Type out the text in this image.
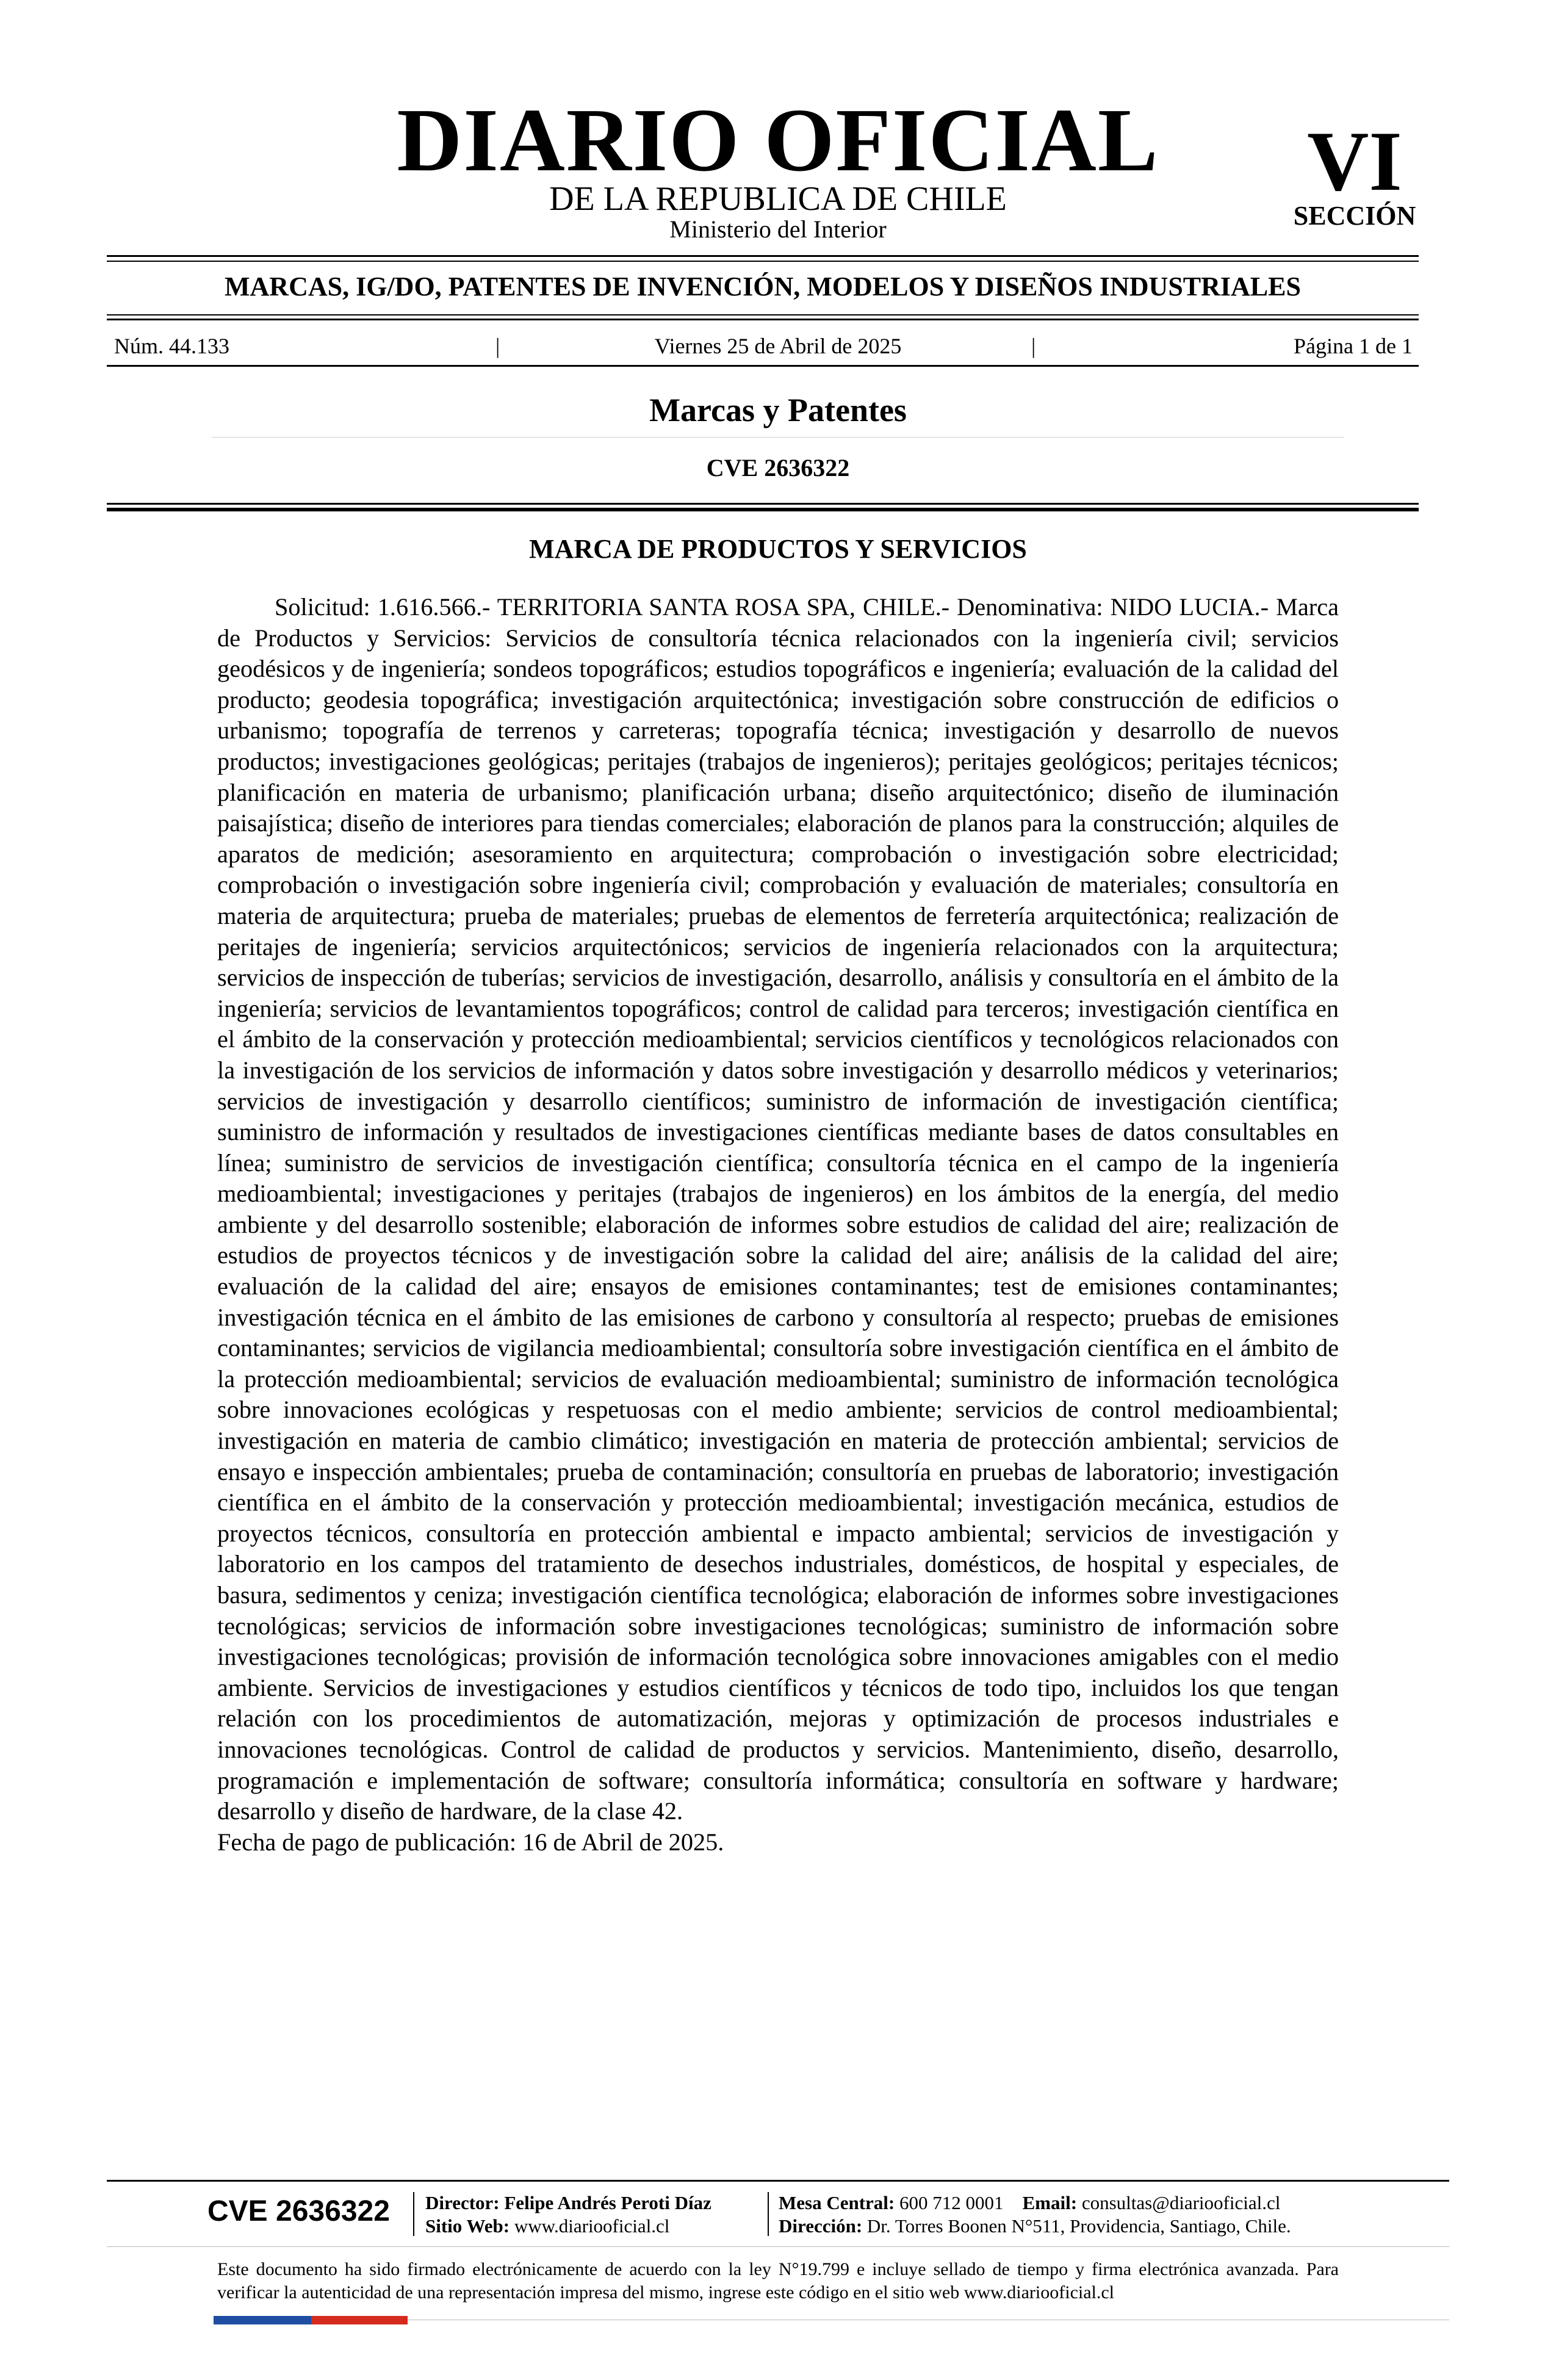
DIARIO OFICIAL
DE LA REPUBLICA DE CHILE
Ministerio del Interior
VI
SECCIÓN
MARCAS, IG/DO, PATENTES DE INVENCIÓN, MODELOS Y DISEÑOS INDUSTRIALES
Núm. 44.133	|	Viernes 25 de Abril de 2025	|	Página 1 de 1
Marcas y Patentes
CVE 2636322
MARCA DE PRODUCTOS Y SERVICIOS

Solicitud: 1.616.566.- TERRITORIA SANTA ROSA SPA, CHILE.- Denominativa: NIDO LUCIA.- Marca de Productos y Servicios: Servicios de consultoría técnica relacionados con la ingeniería civil; servicios geodésicos y de ingeniería; sondeos topográficos; estudios topográficos e ingeniería; evaluación de la calidad del producto; geodesia topográfica; investigación arquitectónica; investigación sobre construcción de edificios o urbanismo; topografía de terrenos y carreteras; topografía técnica; investigación y desarrollo de nuevos productos; investigaciones geológicas; peritajes (trabajos de ingenieros); peritajes geológicos; peritajes técnicos; planificación en materia de urbanismo; planificación urbana; diseño arquitectónico; diseño de iluminación paisajística; diseño de interiores para tiendas comerciales; elaboración de planos para la construcción; alquiles de aparatos de medición; asesoramiento en arquitectura; comprobación o investigación sobre electricidad; comprobación o investigación sobre ingeniería civil; comprobación y evaluación de materiales; consultoría en materia de arquitectura; prueba de materiales; pruebas de elementos de ferretería arquitectónica; realización de peritajes de ingeniería; servicios arquitectónicos; servicios de ingeniería relacionados con la arquitectura; servicios de inspección de tuberías; servicios de investigación, desarrollo, análisis y consultoría en el ámbito de la ingeniería; servicios de levantamientos topográficos; control de calidad para terceros; investigación científica en el ámbito de la conservación y protección medioambiental; servicios científicos y tecnológicos relacionados con la investigación de los servicios de información y datos sobre investigación y desarrollo médicos y veterinarios; servicios de investigación y desarrollo científicos; suministro de información de investigación científica; suministro de información y resultados de investigaciones científicas mediante bases de datos consultables en línea; suministro de servicios de investigación científica; consultoría técnica en el campo de la ingeniería medioambiental; investigaciones y peritajes (trabajos de ingenieros) en los ámbitos de la energía, del medio ambiente y del desarrollo sostenible; elaboración de informes sobre estudios de calidad del aire; realización de estudios de proyectos técnicos y de investigación sobre la calidad del aire; análisis de la calidad del aire; evaluación de la calidad del aire; ensayos de emisiones contaminantes; test de emisiones contaminantes; investigación técnica en el ámbito de las emisiones de carbono y consultoría al respecto; pruebas de emisiones contaminantes; servicios de vigilancia medioambiental; consultoría sobre investigación científica en el ámbito de la protección medioambiental; servicios de evaluación medioambiental; suministro de información tecnológica sobre innovaciones ecológicas y respetuosas con el medio ambiente; servicios de control medioambiental; investigación en materia de cambio climático; investigación en materia de protección ambiental; servicios de ensayo e inspección ambientales; prueba de contaminación; consultoría en pruebas de laboratorio; investigación científica en el ámbito de la conservación y protección medioambiental; investigación mecánica, estudios de proyectos técnicos, consultoría en protección ambiental e impacto ambiental; servicios de investigación y laboratorio en los campos del tratamiento de desechos industriales, domésticos, de hospital y especiales, de basura, sedimentos y ceniza; investigación científica tecnológica; elaboración de informes sobre investigaciones tecnológicas; servicios de información sobre investigaciones tecnológicas; suministro de información sobre investigaciones tecnológicas; provisión de información tecnológica sobre innovaciones amigables con el medio ambiente. Servicios de investigaciones y estudios científicos y técnicos de todo tipo, incluidos los que tengan relación con los procedimientos de automatización, mejoras y optimización de procesos industriales e innovaciones tecnológicas. Control de calidad de productos y servicios. Mantenimiento, diseño, desarrollo, programación e implementación de software; consultoría informática; consultoría en software y hardware; desarrollo y diseño de hardware, de la clase 42.

Fecha de pago de publicación: 16 de Abril de 2025.

CVE 2636322	Director: Felipe Andrés Peroti Díaz
Sitio Web: www.diariooficial.cl
Mesa Central: 600 712 0001 Email: consultas@diariooficial.cl
Dirección: Dr. Torres Boonen N°511, Providencia, Santiago, Chile.
Este documento ha sido firmado electrónicamente de acuerdo con la ley N°19.799 e incluye sellado de tiempo y firma electrónica avanzada. Para verificar la autenticidad de una representación impresa del mismo, ingrese este código en el sitio web www.diariooficial.cl
